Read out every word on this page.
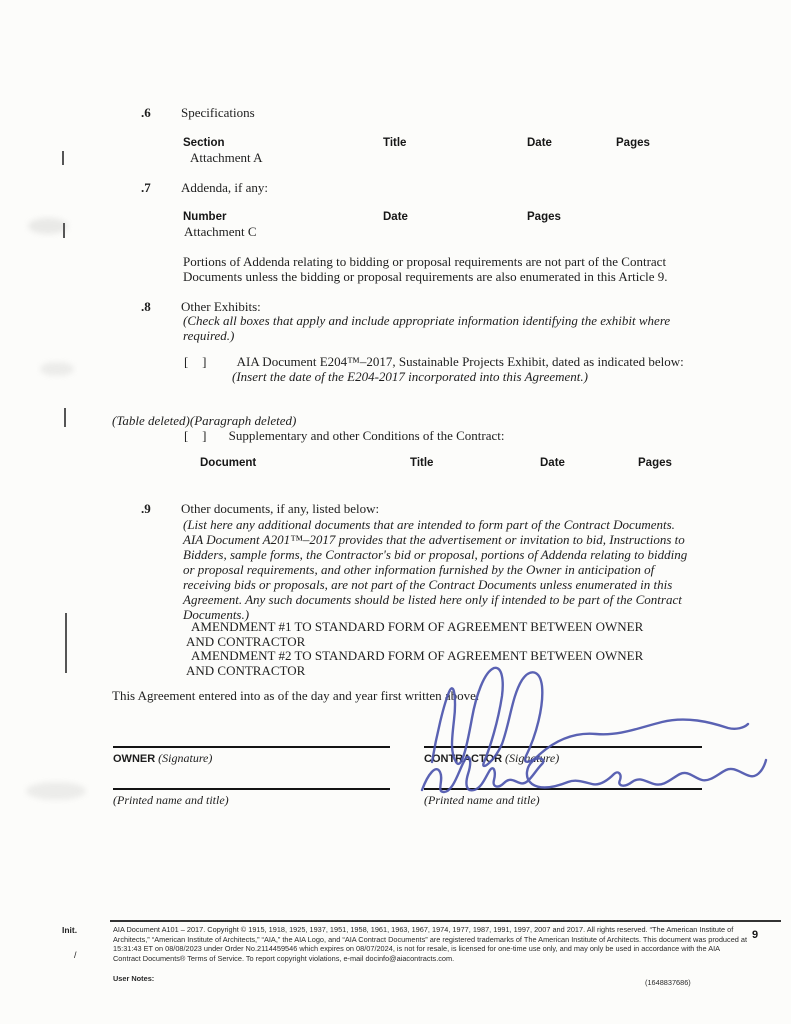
.6	Specifications
Section	Title	Date	Pages
Attachment A
.7	Addenda, if any:
Number	Date	Pages
Attachment C
Portions of Addenda relating to bidding or proposal requirements are not part of the Contract Documents unless the bidding or proposal requirements are also enumerated in this Article 9.
.8	Other Exhibits:
(Check all boxes that apply and include appropriate information identifying the exhibit where required.)
[   ] AIA Document E204™–2017, Sustainable Projects Exhibit, dated as indicated below:
(Insert the date of the E204-2017 incorporated into this Agreement.)
(Table deleted)(Paragraph deleted)
[   ] Supplementary and other Conditions of the Contract:
Document	Title	Date	Pages
.9	Other documents, if any, listed below:
(List here any additional documents that are intended to form part of the Contract Documents. AIA Document A201™–2017 provides that the advertisement or invitation to bid, Instructions to Bidders, sample forms, the Contractor's bid or proposal, portions of Addenda relating to bidding or proposal requirements, and other information furnished by the Owner in anticipation of receiving bids or proposals, are not part of the Contract Documents unless enumerated in this Agreement. Any such documents should be listed here only if intended to be part of the Contract Documents.)
AMENDMENT #1 TO STANDARD FORM OF AGREEMENT BETWEEN OWNER AND CONTRACTOR
AMENDMENT #2 TO STANDARD FORM OF AGREEMENT BETWEEN OWNER AND CONTRACTOR
This Agreement entered into as of the day and year first written above.
OWNER (Signature)	CONTRACTOR (Signature)
(Printed name and title)	(Printed name and title)
Init.
/
AIA Document A101 – 2017. Copyright © 1915, 1918, 1925, 1937, 1951, 1958, 1961, 1963, 1967, 1974, 1977, 1987, 1991, 1997, 2007 and 2017. All rights reserved. “The American Institute of Architects,” “American Institute of Architects,” “AIA,” the AIA Logo, and “AIA Contract Documents” are registered trademarks of The American Institute of Architects. This document was produced at 15:31:43 ET on 08/08/2023 under Order No.2114459546 which expires on 08/07/2024, is not for resale, is licensed for one-time use only, and may only be used in accordance with the AIA Contract Documents® Terms of Service. To report copyright violations, e-mail docinfo@aiacontracts.com.
User Notes:	(1648837686)
9
